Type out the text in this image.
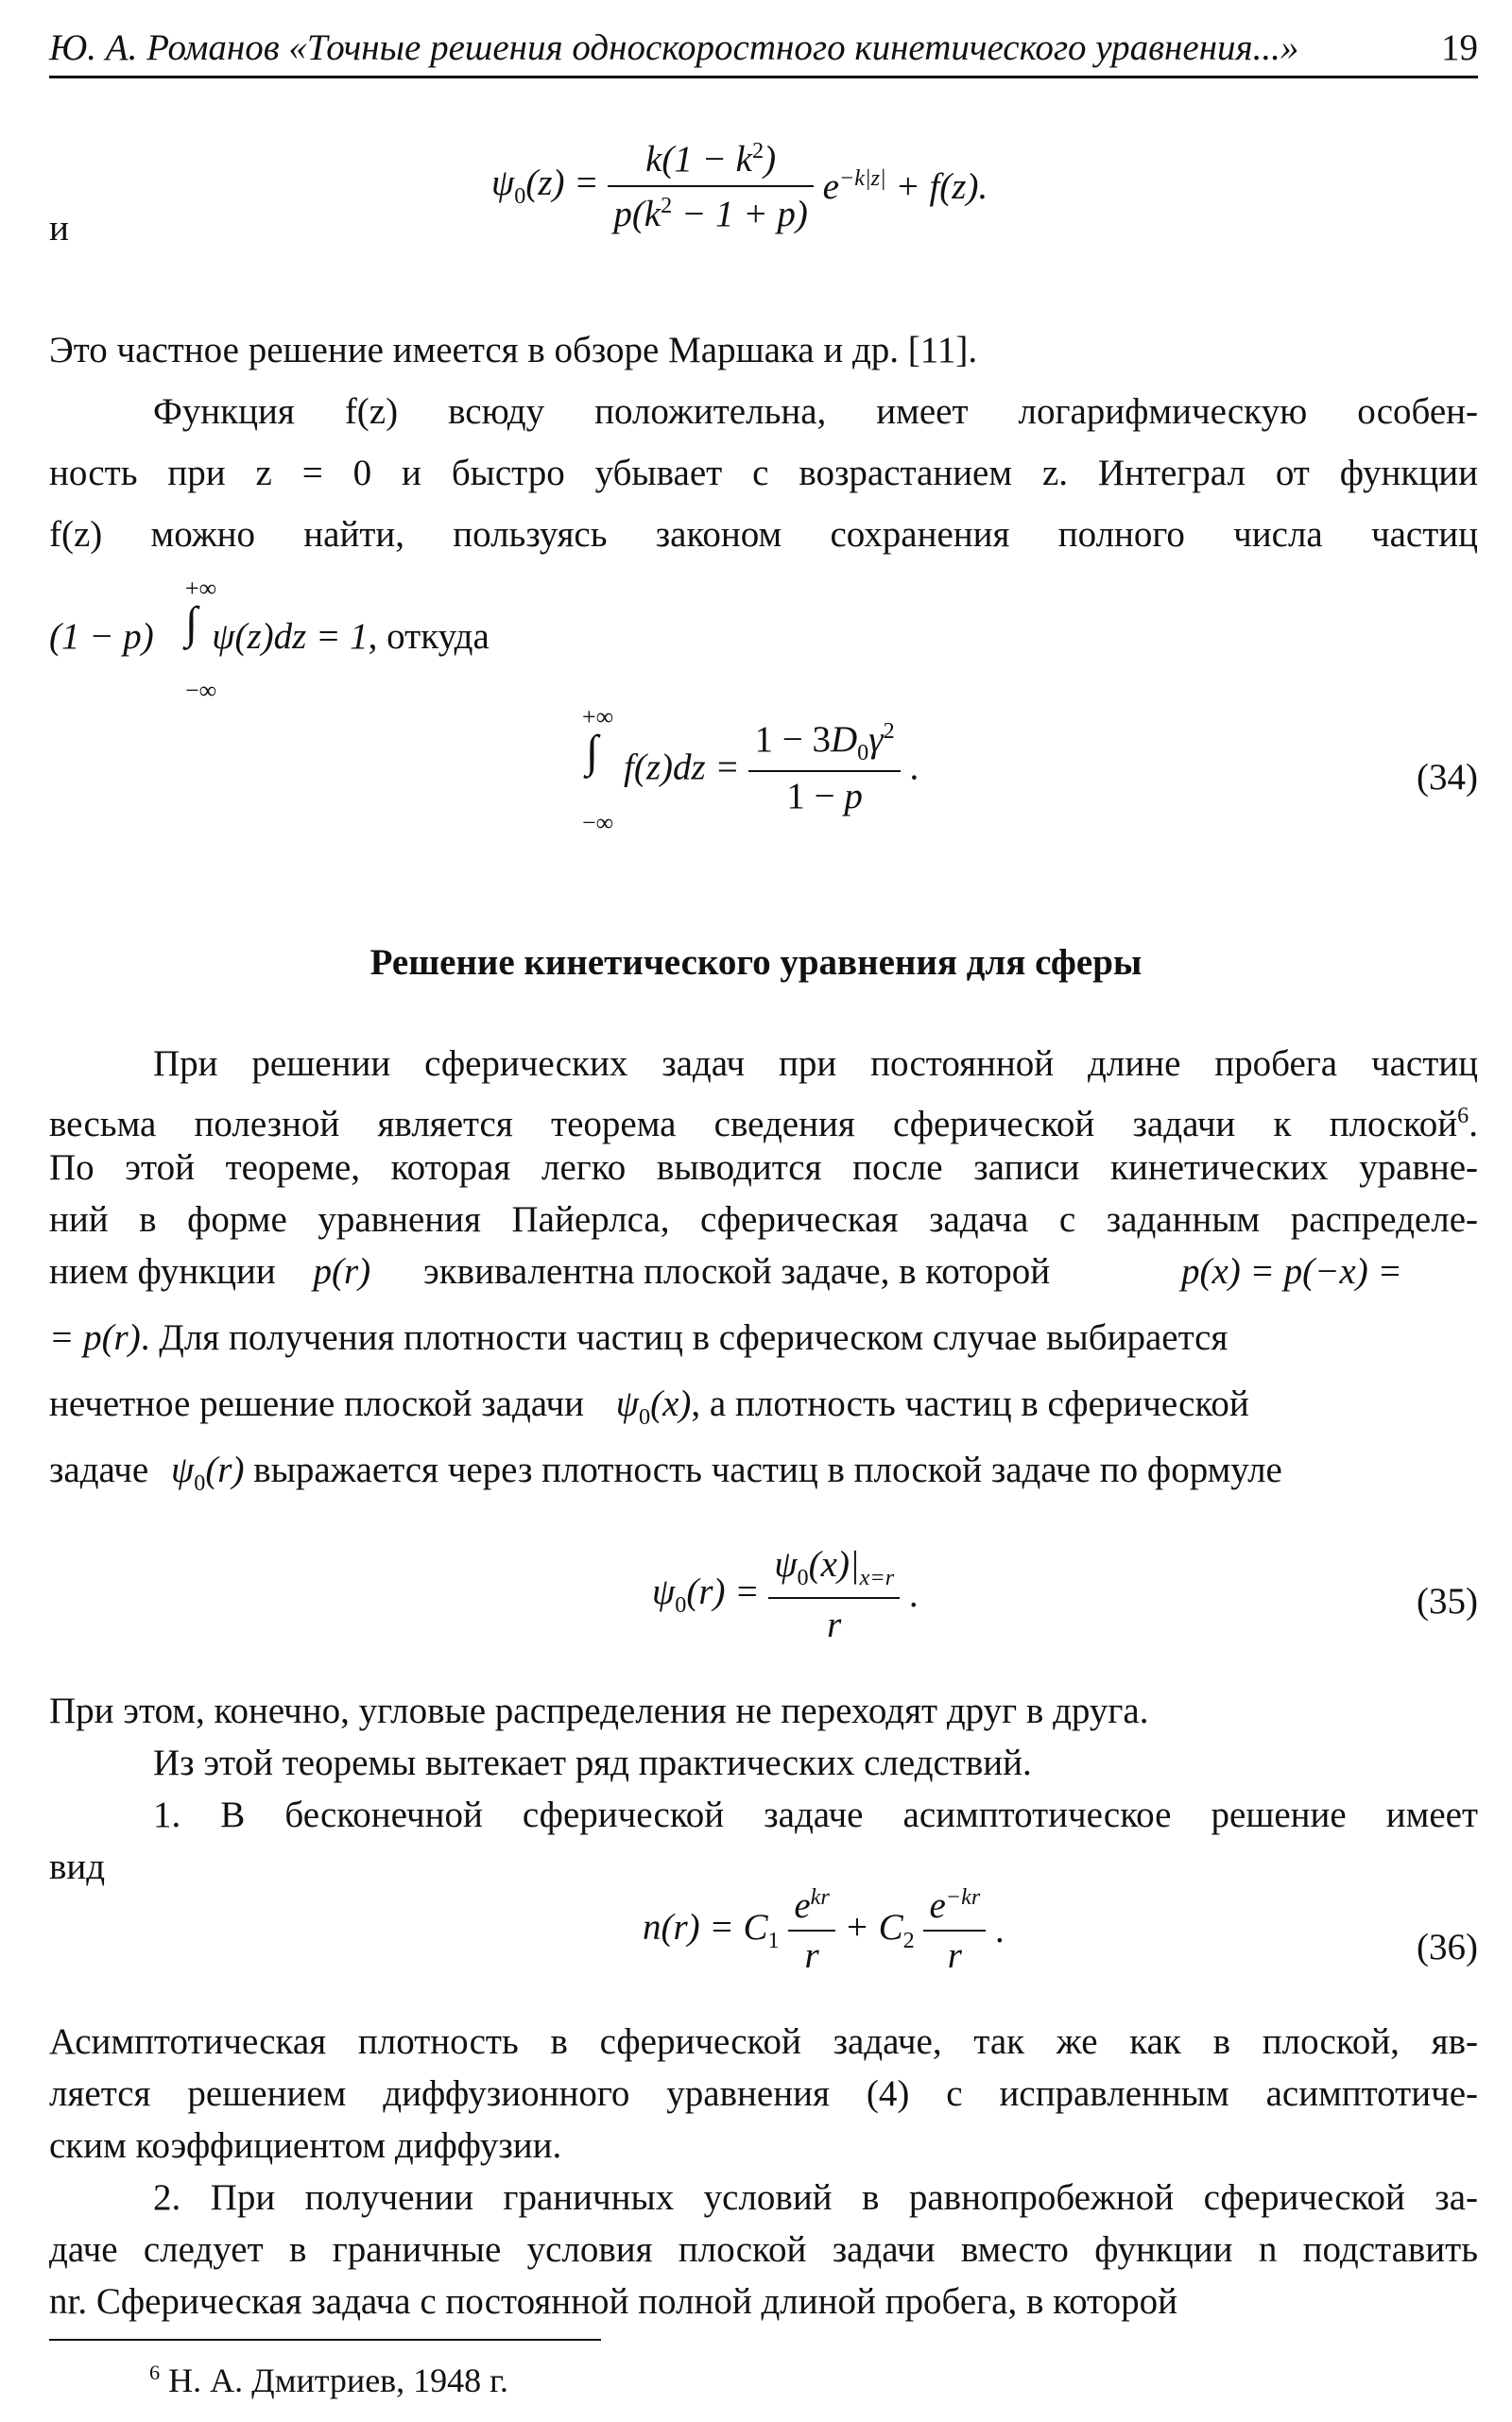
Ю. А. Романов «Точные решения односкоростного кинетического уравнения...»	19
и
$\psi_0(z) = \frac{k(1 - k^2)}{p(k^2 - 1 + p)} e^{-k|z|} + f(z)$.
Это частное решение имеется в обзоре Маршака и др. [11].
Функция f(z) всюду положительна, имеет логарифмическую особен-
ность при z = 0 и быстро убывает с возрастанием z. Интеграл от функции
f(z) можно найти, пользуясь законом сохранения полного числа частиц
(1 − p) ψ(z)dz = 1, откуда
∫
+∞
−∞
∫
+∞
−∞
$f(z)dz = \frac{1 - 3D_0\gamma^2}{1 - p}$ .	(34)
Решение кинетического уравнения для сферы
При решении сферических задач при постоянной длине пробега частиц
весьма полезной является теорема сведения сферической задачи к плоской$^6$.
По этой теореме, которая легко выводится после записи кинетических уравне-
ний в форме уравнения Пайерлса, сферическая задача с заданным распределе-
нием функции p(r) эквивалентна плоской задаче, в которой	p(x) = p(−x) =
= p(r). Для получения плотности частиц в сферическом случае выбирается
нечетное решение плоской задачи $\psi_0(x)$, а плотность частиц в сферической
задаче $\psi_0(r)$ выражается через плотность частиц в плоской задаче по формуле
$\psi_0(r) = \frac{\psi_0(x)|_{x=r}}{r}$ .	(35)
При этом, конечно, угловые распределения не переходят друг в друга.
Из этой теоремы вытекает ряд практических следствий.
1. В бесконечной сферической задаче асимптотическое решение имеет
вид
$n(r) = C_1 \frac{e^{kr}}{r} + C_2 \frac{e^{-kr}}{r}$ .	(36)
Асимптотическая плотность в сферической задаче, так же как в плоской, яв-
ляется решением диффузионного уравнения (4) с исправленным асимптотиче-
ским коэффициентом диффузии.
2. При получении граничных условий в равнопробежной сферической за-
даче следует в граничные условия плоской задачи вместо функции n подставить
nr. Сферическая задача с постоянной полной длиной пробега, в которой
$^6$ Н. А. Дмитриев, 1948 г.
